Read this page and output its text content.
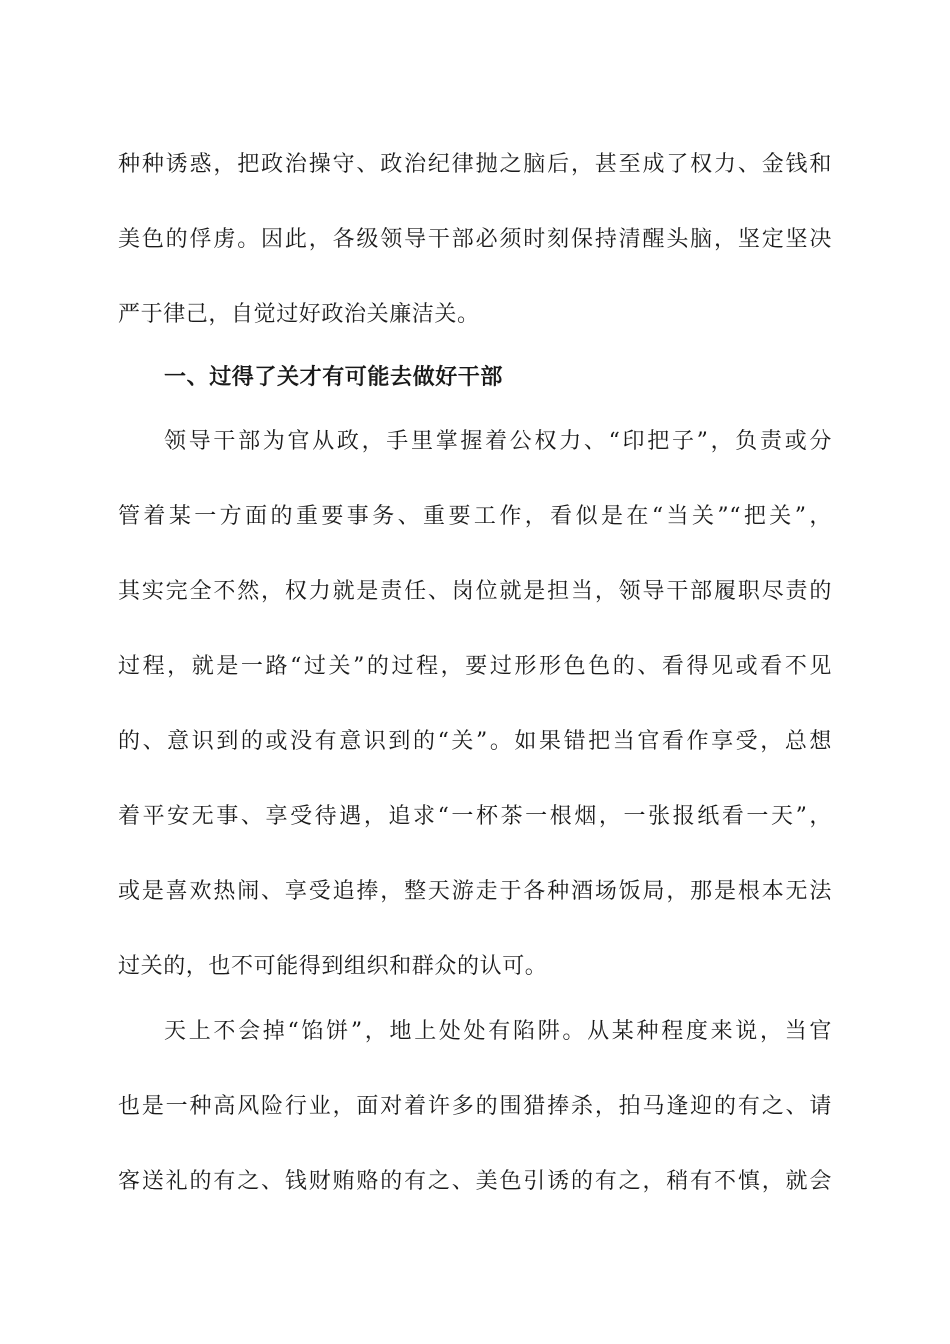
种种诱惑，把政治操守、政治纪律抛之脑后，甚至成了权力、金钱和
美色的俘虏。因此，各级领导干部必须时刻保持清醒头脑，坚定坚决
严于律己，自觉过好政治关廉洁关。
一、过得了关才有可能去做好干部
领导干部为官从政，手里掌握着公权力、“印把子”，负责或分
管着某一方面的重要事务、重要工作，看似是在“当关”“把关”，
其实完全不然，权力就是责任、岗位就是担当，领导干部履职尽责的
过程，就是一路“过关”的过程，要过形形色色的、看得见或看不见
的、意识到的或没有意识到的“关”。如果错把当官看作享受，总想
着平安无事、享受待遇，追求“一杯茶一根烟，一张报纸看一天”，
或是喜欢热闹、享受追捧，整天游走于各种酒场饭局，那是根本无法
过关的，也不可能得到组织和群众的认可。
天上不会掉“馅饼”，地上处处有陷阱。从某种程度来说，当官
也是一种高风险行业，面对着许多的围猎捧杀，拍马逢迎的有之、请
客送礼的有之、钱财贿赂的有之、美色引诱的有之，稍有不慎，就会
